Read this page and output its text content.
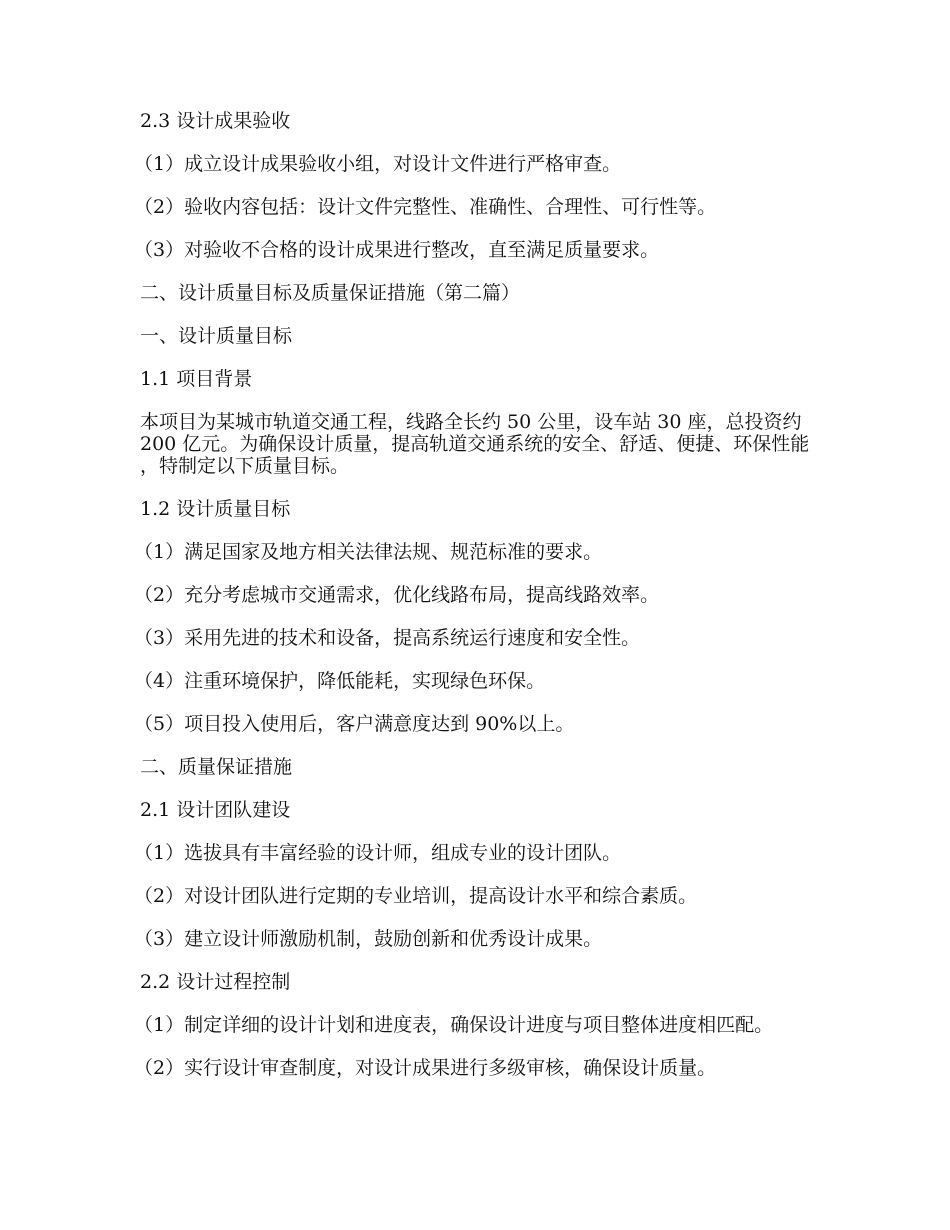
2.3 设计成果验收

（1）成立设计成果验收小组，对设计文件进行严格审查。

（2）验收内容包括：设计文件完整性、准确性、合理性、可行性等。

（3）对验收不合格的设计成果进行整改，直至满足质量要求。

二、设计质量目标及质量保证措施（第二篇）

一、设计质量目标

1.1 项目背景

本项目为某城市轨道交通工程，线路全长约 50 公里，设车站 30 座，总投资约 200 亿元。为确保设计质量，提高轨道交通系统的安全、舒适、便捷、环保性能，特制定以下质量目标。

1.2 设计质量目标

（1）满足国家及地方相关法律法规、规范标准的要求。

（2）充分考虑城市交通需求，优化线路布局，提高线路效率。

（3）采用先进的技术和设备，提高系统运行速度和安全性。

（4）注重环境保护，降低能耗，实现绿色环保。

（5）项目投入使用后，客户满意度达到 90%以上。

二、质量保证措施

2.1 设计团队建设

（1）选拔具有丰富经验的设计师，组成专业的设计团队。

（2）对设计团队进行定期的专业培训，提高设计水平和综合素质。

（3）建立设计师激励机制，鼓励创新和优秀设计成果。

2.2 设计过程控制

（1）制定详细的设计计划和进度表，确保设计进度与项目整体进度相匹配。

（2）实行设计审查制度，对设计成果进行多级审核，确保设计质量。
